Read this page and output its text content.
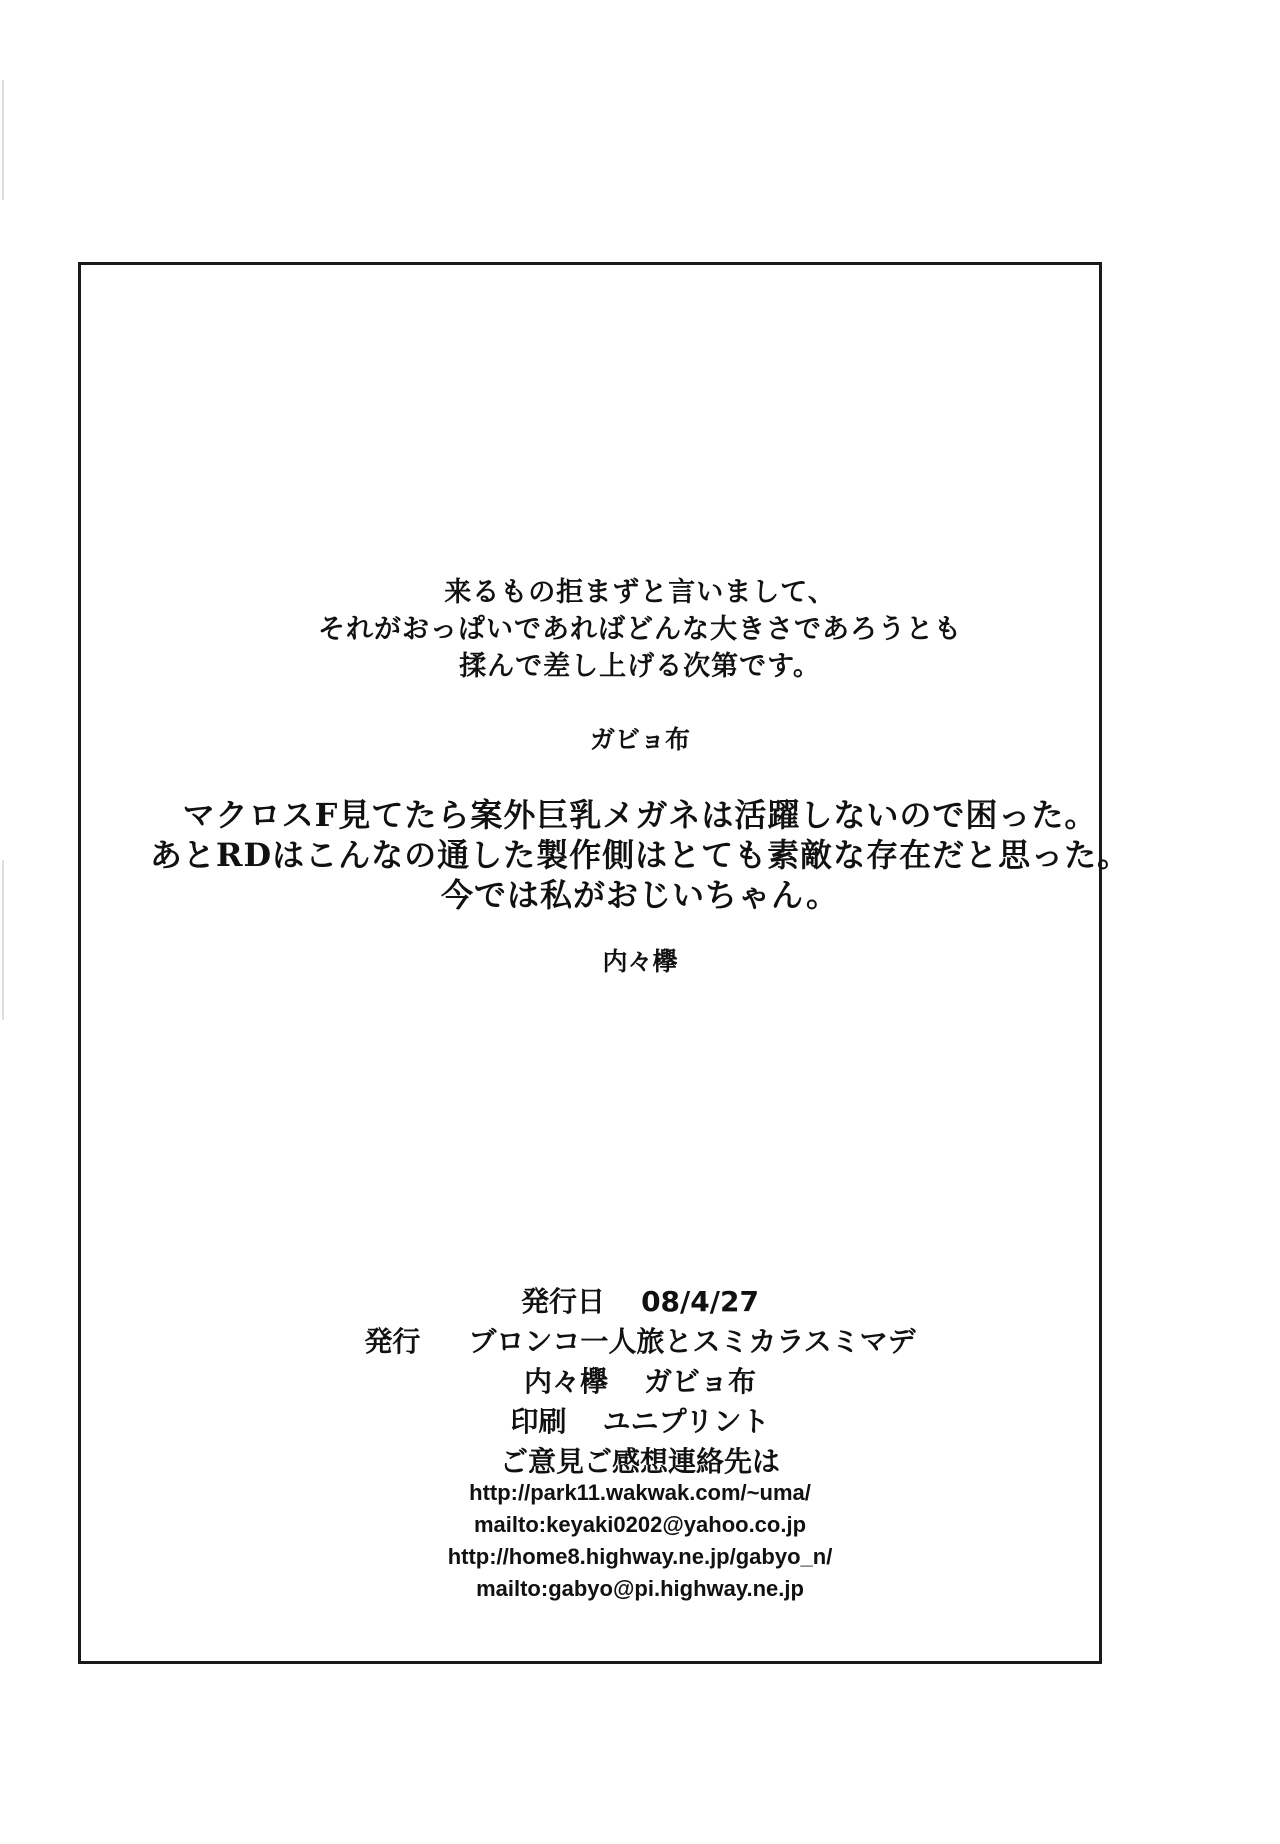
来るもの拒まずと言いまして、
それがおっぱいであればどんな大きさであろうとも
揉んで差し上げる次第です。
ガビョ布
マクロスF見てたら案外巨乳メガネは活躍しないので困った。
あとRDはこんなの通した製作側はとても素敵な存在だと思った。
今では私がおじいちゃん。
内々欅
発行日 08/4/27
発行 ブロンコ一人旅とスミカラスミマデ
内々欅 ガビョ布
印刷 ユニプリント
ご意見ご感想連絡先は
http://park11.wakwak.com/~uma/
mailto:keyaki0202@yahoo.co.jp
http://home8.highway.ne.jp/gabyo_n/
mailto:gabyo@pi.highway.ne.jp
